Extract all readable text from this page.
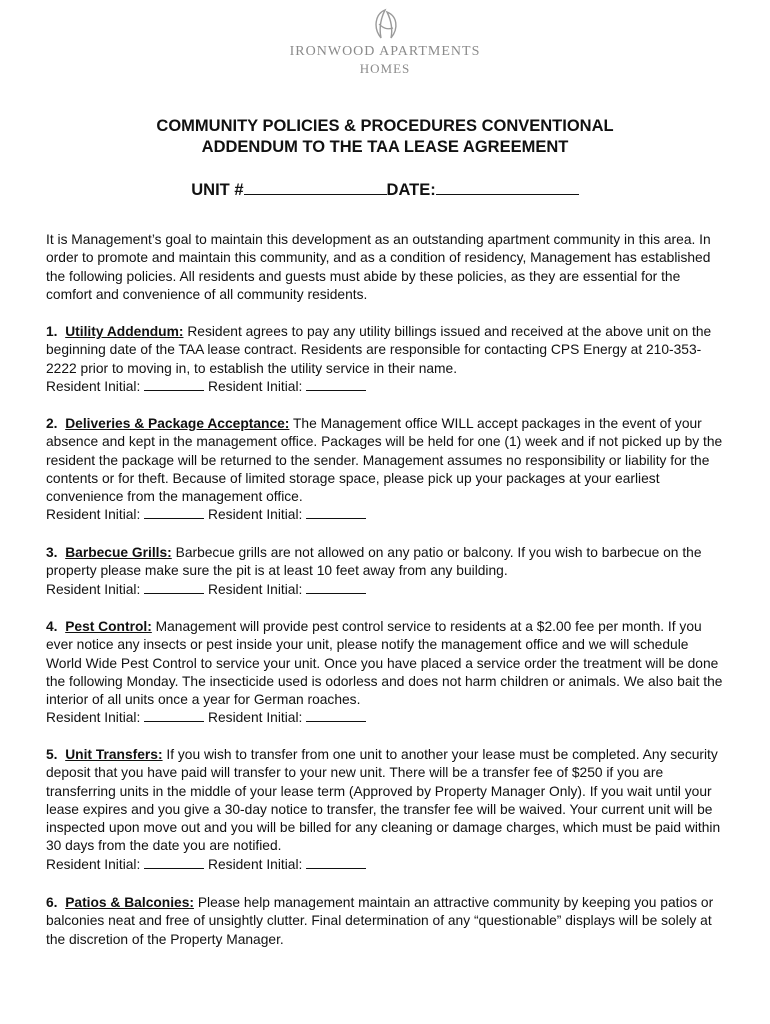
IRONWOOD APARTMENTS
HOMES
COMMUNITY POLICIES & PROCEDURES CONVENTIONAL
ADDENDUM TO THE TAA LEASE AGREEMENT
UNIT #	DATE:

It is Management’s goal to maintain this development as an outstanding apartment community in this area. In order to promote and maintain this community, and as a condition of residency, Management has established the following policies. All residents and guests must abide by these policies, as they are essential for the comfort and convenience of all community residents.

1. Utility Addendum: Resident agrees to pay any utility billings issued and received at the above unit on the beginning date of the TAA lease contract. Residents are responsible for contacting CPS Energy at 210-353-2222 prior to moving in, to establish the utility service in their name.
Resident Initial:	Resident Initial:
2. Deliveries & Package Acceptance: The Management office WILL accept packages in the event of your absence and kept in the management office. Packages will be held for one (1) week and if not picked up by the resident the package will be returned to the sender. Management assumes no responsibility or liability for the contents or for theft. Because of limited storage space, please pick up your packages at your earliest convenience from the management office.
Resident Initial:	Resident Initial:
3. Barbecue Grills: Barbecue grills are not allowed on any patio or balcony. If you wish to barbecue on the property please make sure the pit is at least 10 feet away from any building.
Resident Initial:	Resident Initial:
4. Pest Control: Management will provide pest control service to residents at a $2.00 fee per month. If you ever notice any insects or pest inside your unit, please notify the management office and we will schedule World Wide Pest Control to service your unit. Once you have placed a service order the treatment will be done the following Monday. The insecticide used is odorless and does not harm children or animals. We also bait the interior of all units once a year for German roaches.
Resident Initial:	Resident Initial:
5. Unit Transfers: If you wish to transfer from one unit to another your lease must be completed. Any security deposit that you have paid will transfer to your new unit. There will be a transfer fee of $250 if you are transferring units in the middle of your lease term (Approved by Property Manager Only). If you wait until your lease expires and you give a 30-day notice to transfer, the transfer fee will be waived. Your current unit will be inspected upon move out and you will be billed for any cleaning or damage charges, which must be paid within 30 days from the date you are notified.
Resident Initial:	Resident Initial:
6. Patios & Balconies: Please help management maintain an attractive community by keeping you patios or balconies neat and free of unsightly clutter. Final determination of any “questionable” displays will be solely at the discretion of the Property Manager.
